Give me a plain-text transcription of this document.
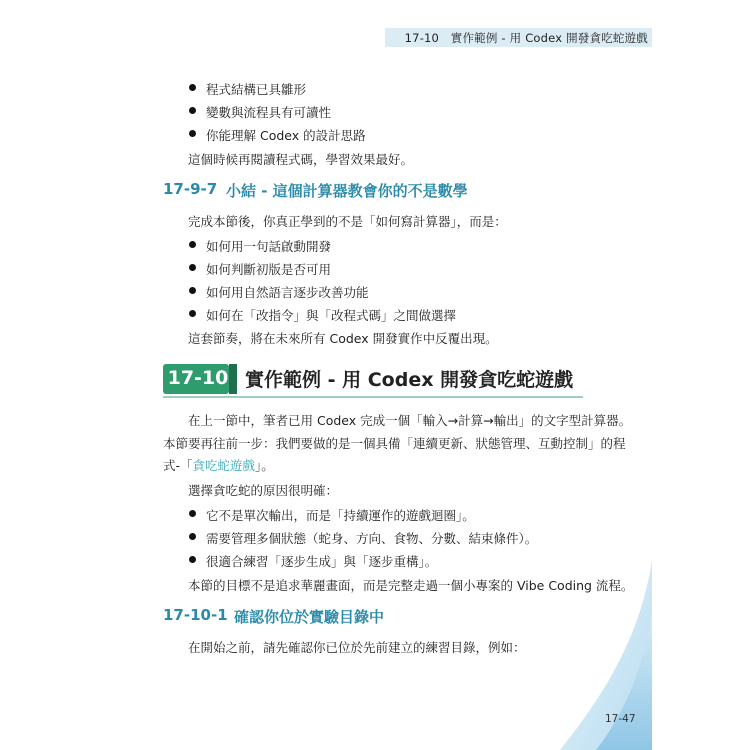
17-10　實作範例 - 用 Codex 開發貪吃蛇遊戲
程式結構已具雛形
變數與流程具有可讀性
你能理解 Codex 的設計思路
這個時候再閱讀程式碼，學習效果最好。
17-9-7 小結 - 這個計算器教會你的不是數學
完成本節後，你真正學到的不是「如何寫計算器」，而是：
如何用一句話啟動開發
如何判斷初版是否可用
如何用自然語言逐步改善功能
如何在「改指令」與「改程式碼」之間做選擇
這套節奏，將在未來所有 Codex 開發實作中反覆出現。
17-10 實作範例 - 用 Codex 開發貪吃蛇遊戲
在上一節中，筆者已用 Codex 完成一個「輸入→計算→輸出」的文字型計算器。
本節要再往前一步：我們要做的是一個具備「連續更新、狀態管理、互動控制」的程
式-「貪吃蛇遊戲」。
選擇貪吃蛇的原因很明確：
它不是單次輸出，而是「持續運作的遊戲迴圈」。
需要管理多個狀態（蛇身、方向、食物、分數、結束條件）。
很適合練習「逐步生成」與「逐步重構」。
本節的目標不是追求華麗畫面，而是完整走過一個小專案的 Vibe Coding 流程。
17-10-1 確認你位於實驗目錄中
在開始之前，請先確認你已位於先前建立的練習目錄，例如：
17-47
